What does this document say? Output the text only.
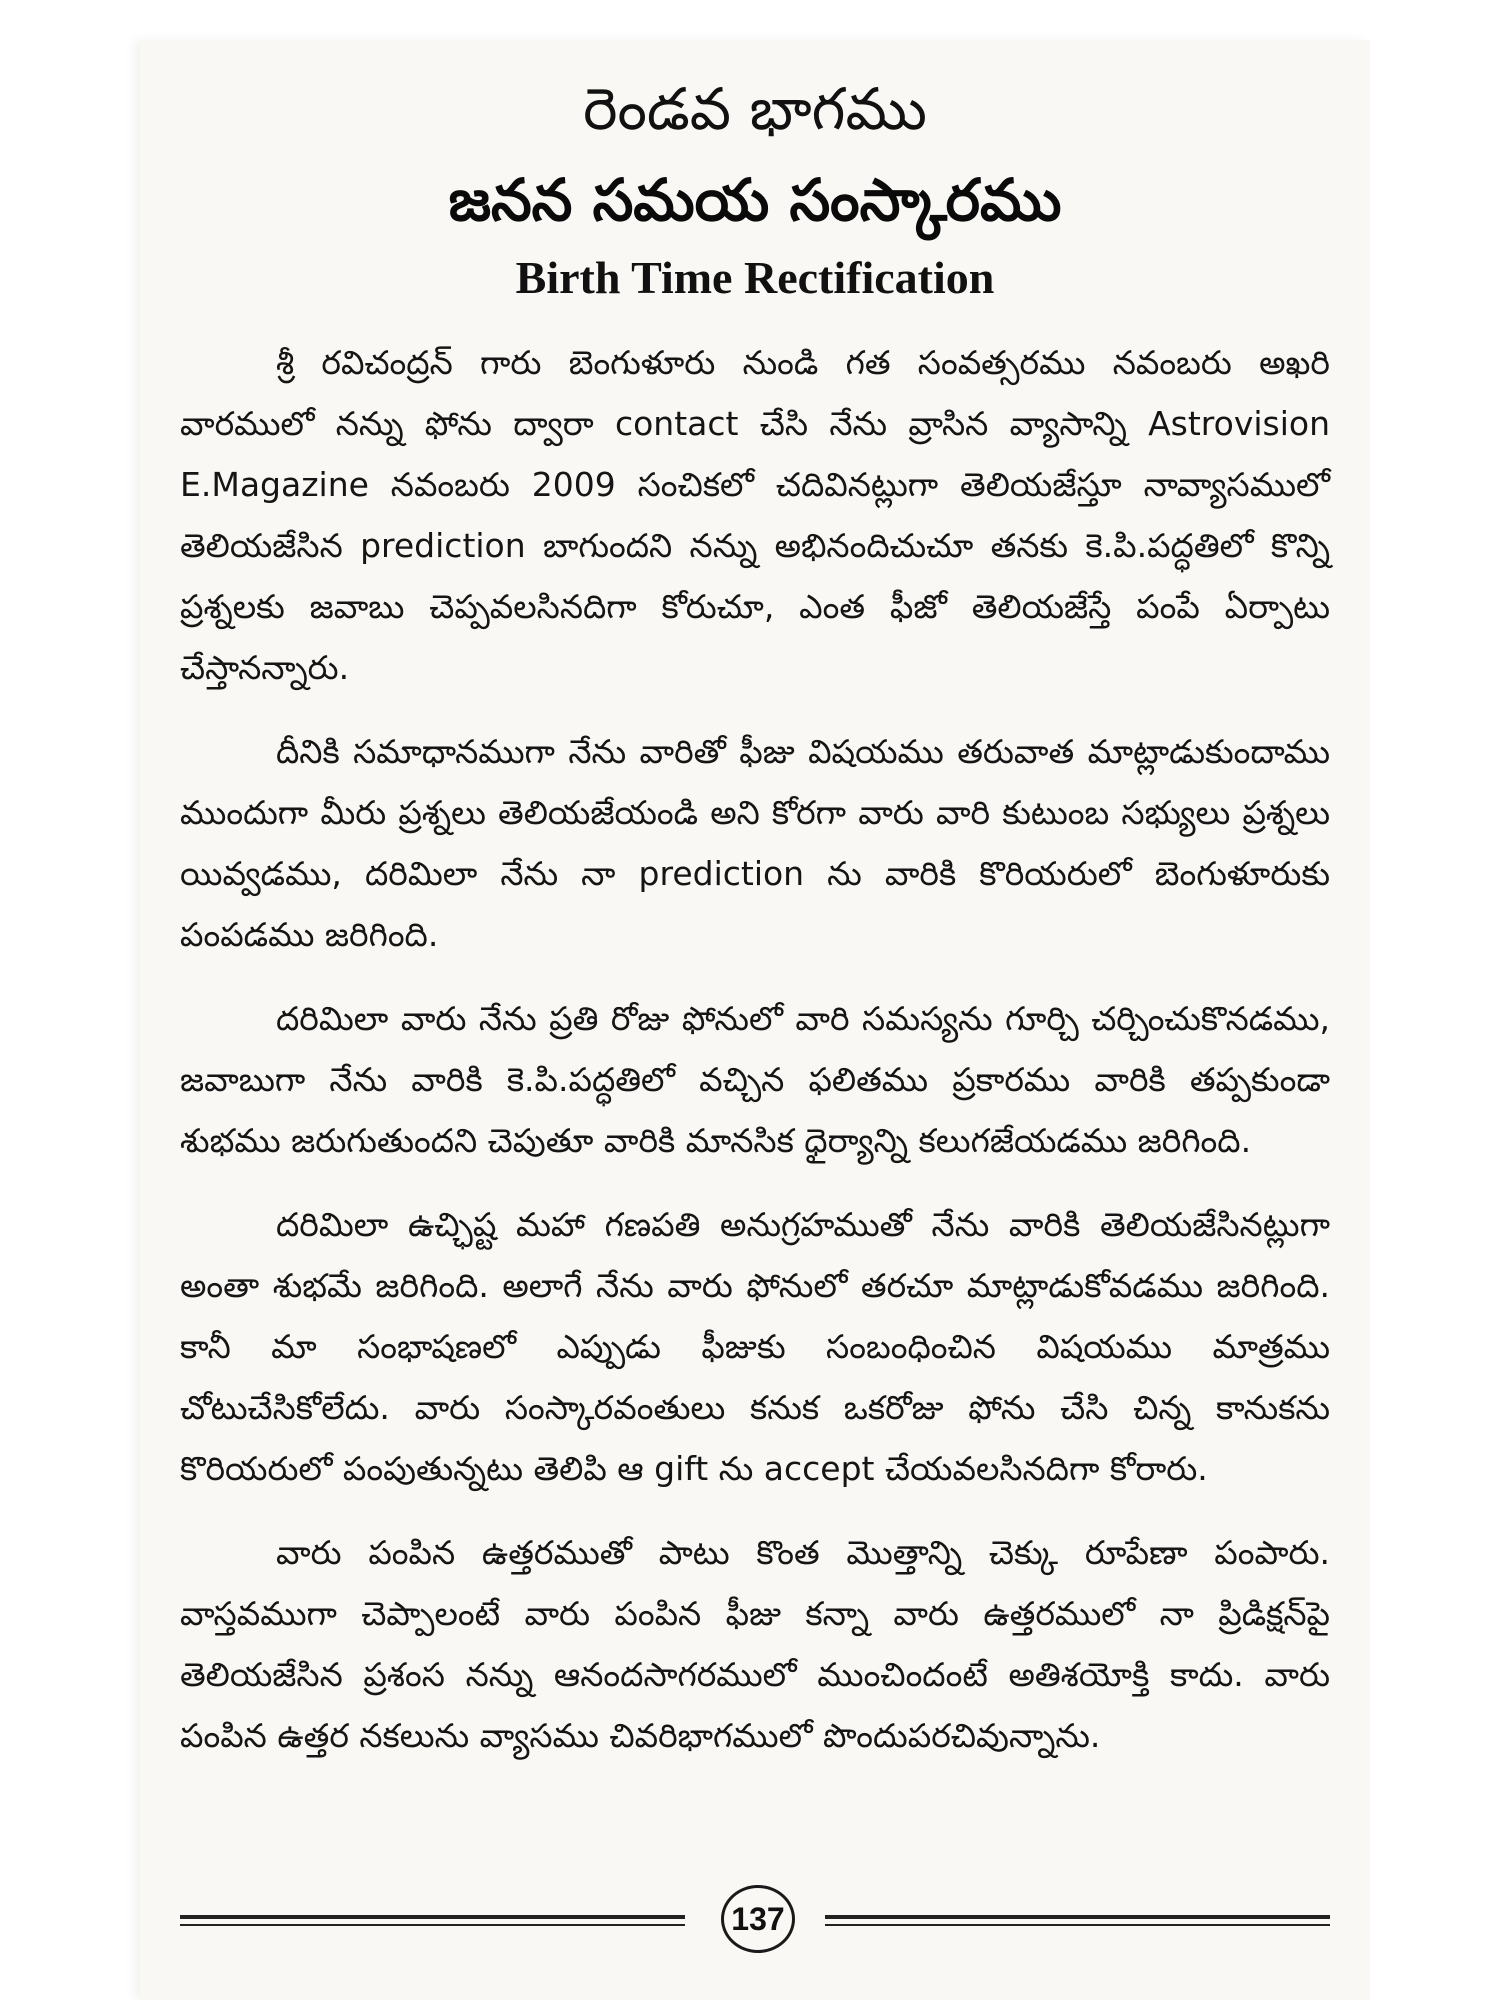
రెండవ భాగము
జనన సమయ సంస్కారము
Birth Time Rectification

శ్రీ రవిచంద్రన్ గారు బెంగుళూరు నుండి గత సంవత్సరము నవంబరు అఖరి వారములో నన్ను ఫోను ద్వారా contact చేసి నేను వ్రాసిన వ్యాసాన్ని Astrovision E.Magazine నవంబరు 2009 సంచికలో చదివినట్లుగా తెలియజేస్తూ నావ్యాసములో తెలియజేసిన prediction బాగుందని నన్ను అభినందిచుచూ తనకు కె.పి.పద్ధతిలో కొన్ని ప్రశ్నలకు జవాబు చెప్పవలసినదిగా కోరుచూ, ఎంత ఫీజో తెలియజేస్తే పంపే ఏర్పాటు చేస్తానన్నారు.

దీనికి సమాధానముగా నేను వారితో ఫీజు విషయము తరువాత మాట్లాడుకుందాము ముందుగా మీరు ప్రశ్నలు తెలియజేయండి అని కోరగా వారు వారి కుటుంబ సభ్యులు ప్రశ్నలు యివ్వడము, దరిమిలా నేను నా prediction ను వారికి కొరియరులో బెంగుళూరుకు పంపడము జరిగింది.

దరిమిలా వారు నేను ప్రతి రోజు ఫోనులో వారి సమస్యను గూర్చి చర్చించుకొనడము, జవాబుగా నేను వారికి కె.పి.పద్ధతిలో వచ్చిన ఫలితము ప్రకారము వారికి తప్పకుండా శుభము జరుగుతుందని చెపుతూ వారికి మానసిక ధైర్యాన్ని కలుగజేయడము జరిగింది.

దరిమిలా ఉచ్ఛిష్ట మహా గణపతి అనుగ్రహముతో నేను వారికి తెలియజేసినట్లుగా అంతా శుభమే జరిగింది. అలాగే నేను వారు ఫోనులో తరచూ మాట్లాడుకోవడము జరిగింది. కానీ మా సంభాషణలో ఎప్పుడు ఫీజుకు సంబంధించిన విషయము మాత్రము చోటుచేసికోలేదు. వారు సంస్కారవంతులు కనుక ఒకరోజు ఫోను చేసి చిన్న కానుకను కొరియరులో పంపుతున్నటు తెలిపి ఆ gift ను accept చేయవలసినదిగా కోరారు.

వారు పంపిన ఉత్తరముతో పాటు కొంత మొత్తాన్ని చెక్కు రూపేణా పంపారు. వాస్తవముగా చెప్పాలంటే వారు పంపిన ఫీజు కన్నా వారు ఉత్తరములో నా ప్రిడిక్షన్‌పై తెలియజేసిన ప్రశంస నన్ను ఆనందసాగరములో ముంచిందంటే అతిశయోక్తి కాదు. వారు పంపిన ఉత్తర నకలును వ్యాసము చివరిభాగములో పొందుపరచివున్నాను.

137
